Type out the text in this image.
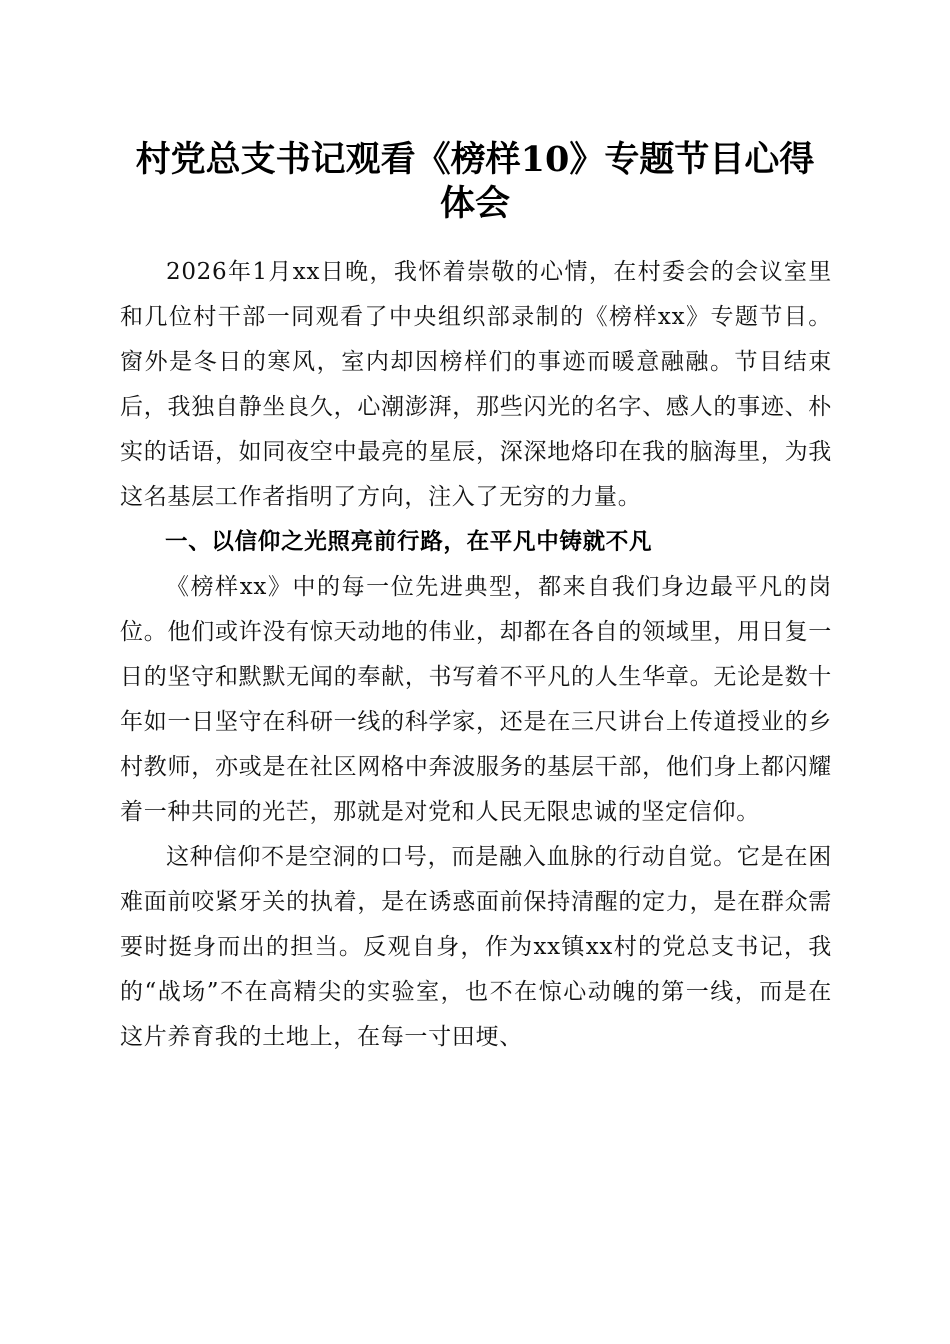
村党总支书记观看《榜样10》专题节目心得体会

2026年1月xx日晚，我怀着崇敬的心情，在村委会的会议室里和几位村干部一同观看了中央组织部录制的《榜样xx》专题节目。窗外是冬日的寒风，室内却因榜样们的事迹而暖意融融。节目结束后，我独自静坐良久，心潮澎湃，那些闪光的名字、感人的事迹、朴实的话语，如同夜空中最亮的星辰，深深地烙印在我的脑海里，为我这名基层工作者指明了方向，注入了无穷的力量。

一、以信仰之光照亮前行路，在平凡中铸就不凡

《榜样xx》中的每一位先进典型，都来自我们身边最平凡的岗位。他们或许没有惊天动地的伟业，却都在各自的领域里，用日复一日的坚守和默默无闻的奉献，书写着不平凡的人生华章。无论是数十年如一日坚守在科研一线的科学家，还是在三尺讲台上传道授业的乡村教师，亦或是在社区网格中奔波服务的基层干部，他们身上都闪耀着一种共同的光芒，那就是对党和人民无限忠诚的坚定信仰。

这种信仰不是空洞的口号，而是融入血脉的行动自觉。它是在困难面前咬紧牙关的执着，是在诱惑面前保持清醒的定力，是在群众需要时挺身而出的担当。反观自身，作为xx镇xx村的党总支书记，我的“战场”不在高精尖的实验室，也不在惊心动魄的第一线，而是在这片养育我的土地上，在每一寸田埂、
